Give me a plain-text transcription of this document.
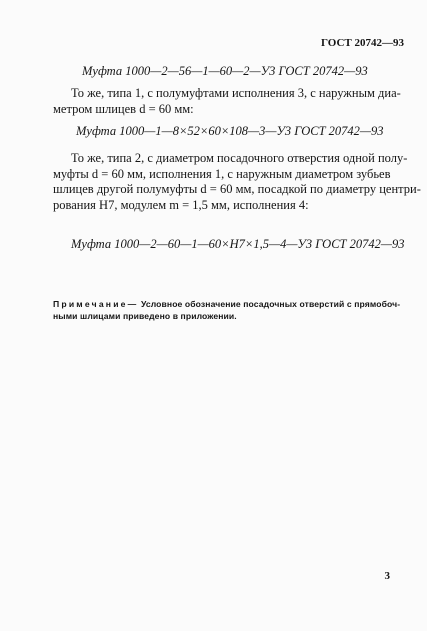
ГОСТ 20742—93
Муфта 1000—2—56—1—60—2—У3 ГОСТ 20742—93
То же, типа 1, с полумуфтами исполнения 3, с наружным диа-
метром шлицев d = 60 мм:
Муфта 1000—1—8×52×60×108—3—У3 ГОСТ 20742—93
То же, типа 2, с диаметром посадочного отверстия одной полу-
муфты d = 60 мм, исполнения 1, с наружным диаметром зубьев
шлицев другой полумуфты d = 60 мм, посадкой по диаметру центри-
рования Н7, модулем m = 1,5 мм, исполнения 4:
Муфта 1000—2—60—1—60×Н7×1,5—4—У3 ГОСТ 20742—93
Примечание— Условное обозначение посадочных отверстий с прямобоч-
ными шлицами приведено в приложении.
3
